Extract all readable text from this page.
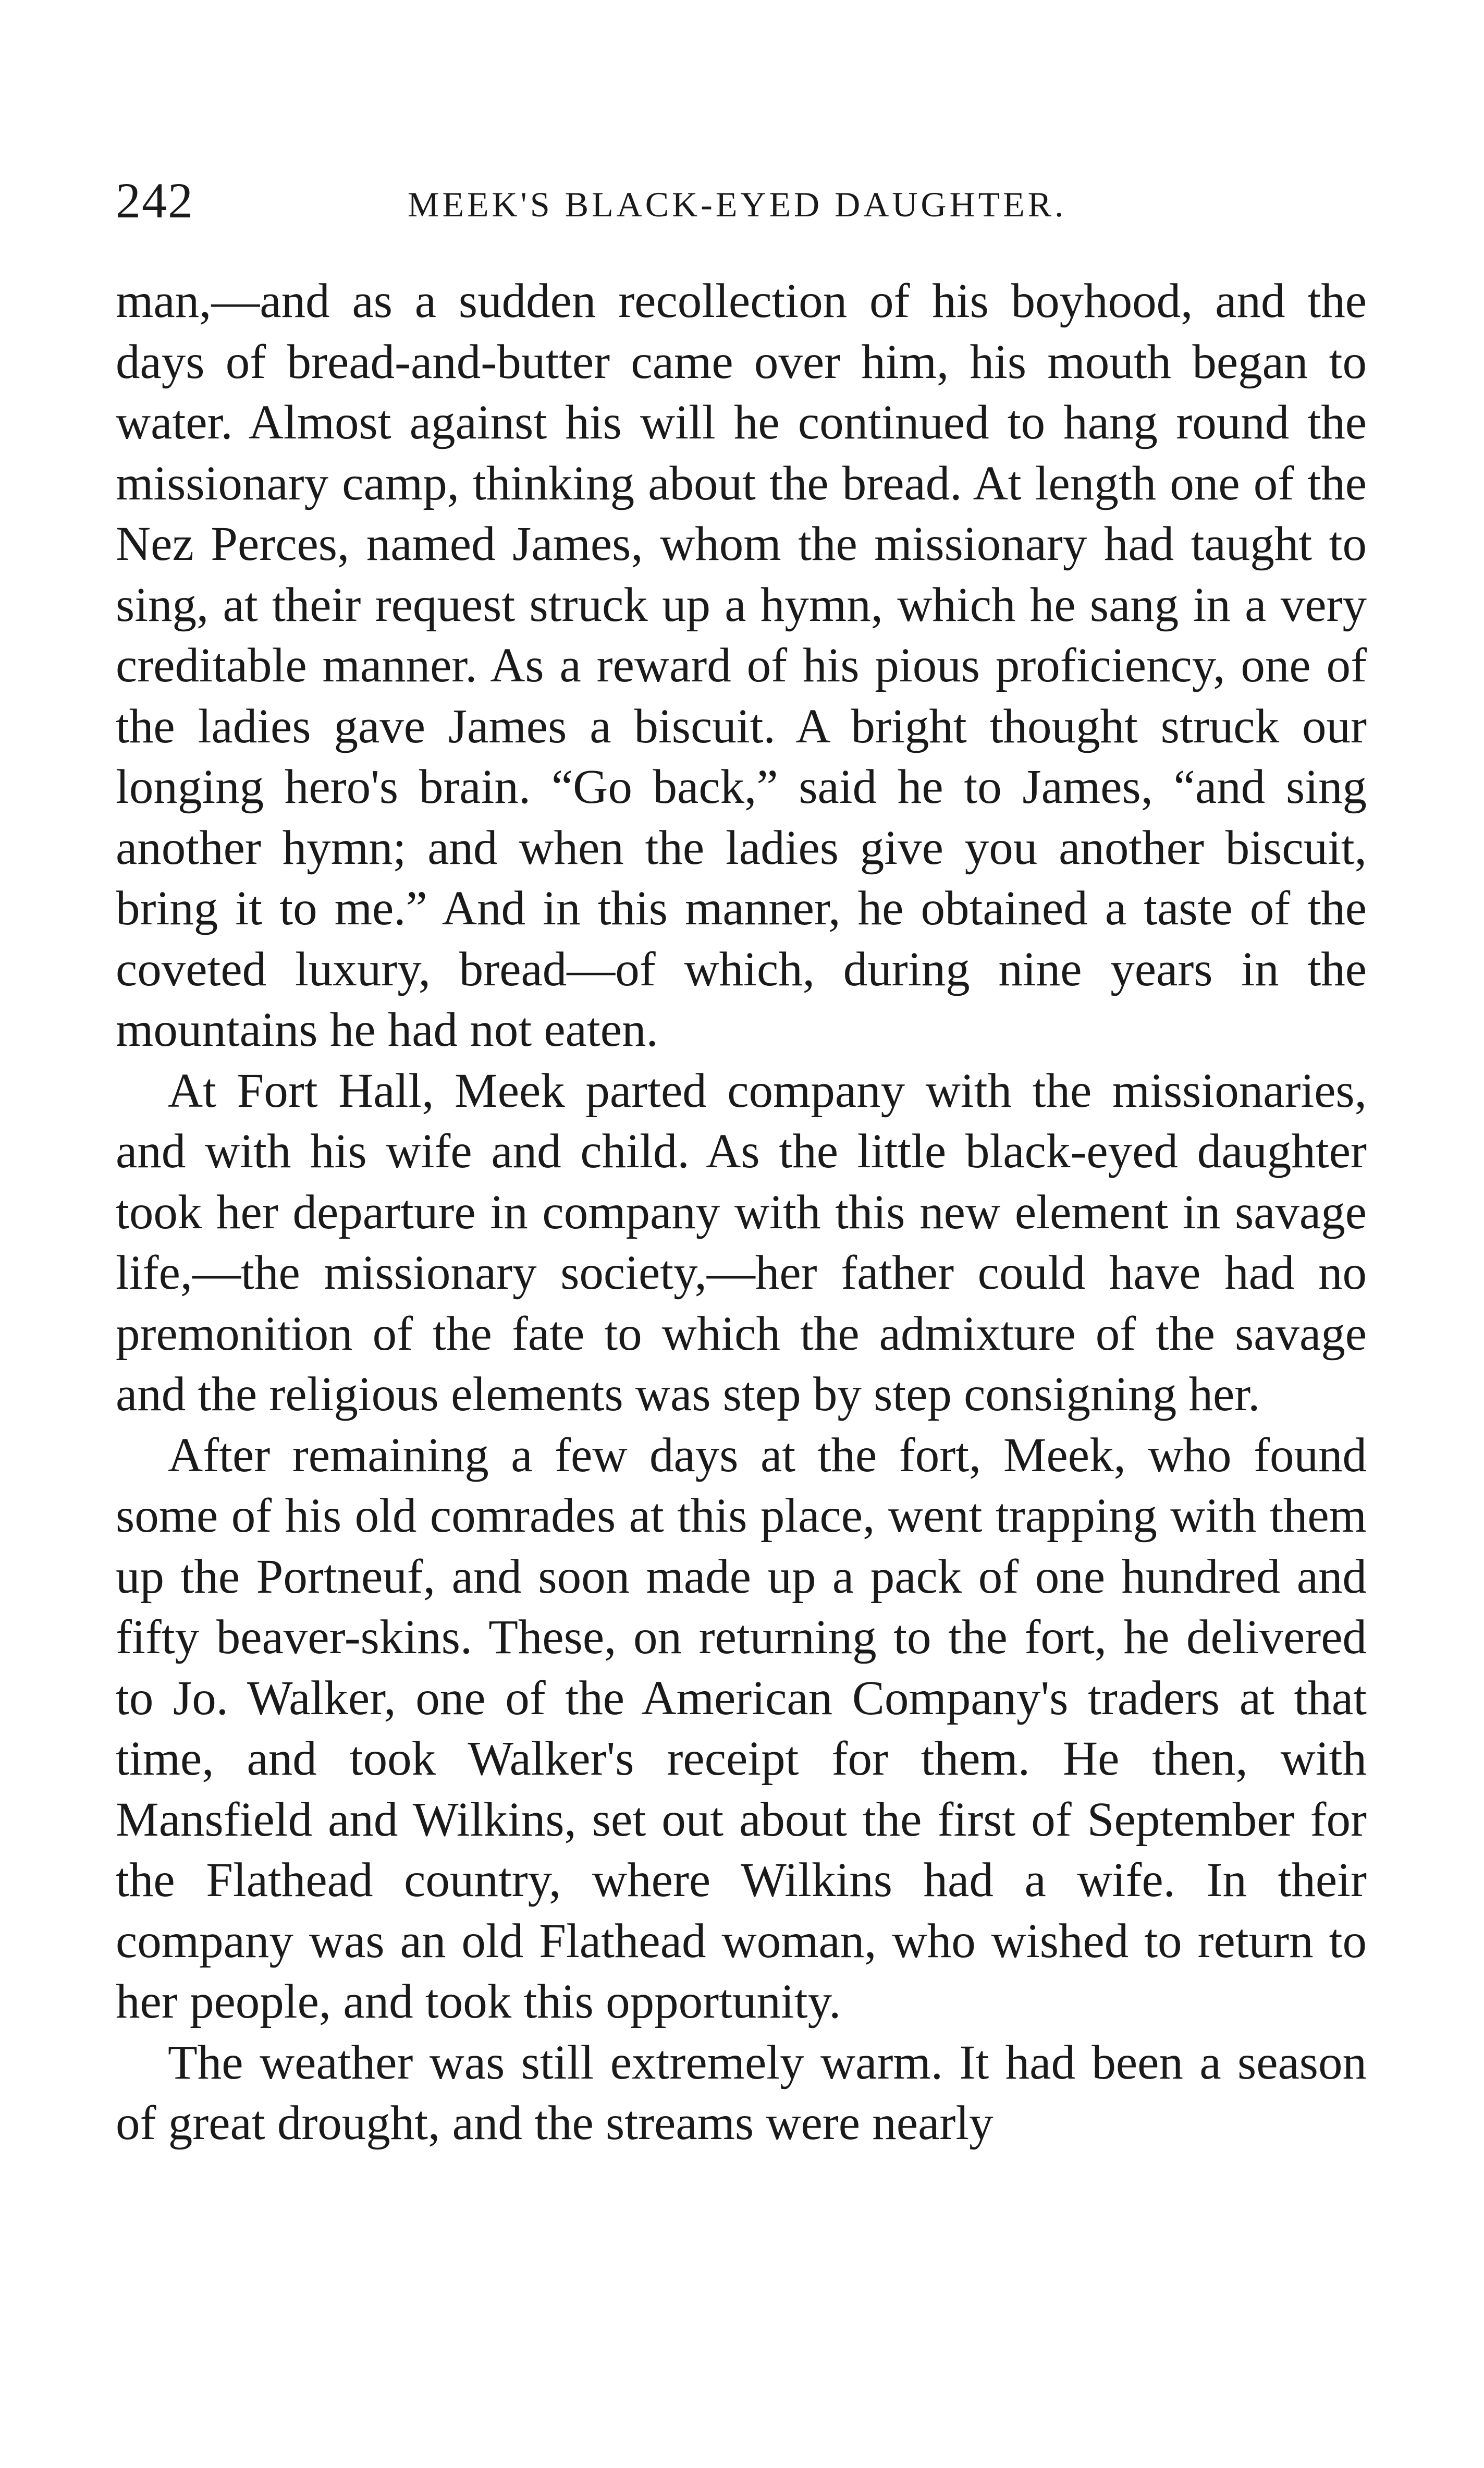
242	MEEK'S BLACK-EYED DAUGHTER.

man,—and as a sudden recollection of his boyhood, and the days of bread-and-butter came over him, his mouth began to water. Almost against his will he continued to hang round the missionary camp, thinking about the bread. At length one of the Nez Perces, named James, whom the missionary had taught to sing, at their request struck up a hymn, which he sang in a very creditable manner. As a reward of his pious proficiency, one of the ladies gave James a biscuit. A bright thought struck our longing hero's brain. “Go back,” said he to James, “and sing another hymn; and when the ladies give you another biscuit, bring it to me.” And in this manner, he obtained a taste of the coveted luxury, bread—of which, during nine years in the mountains he had not eaten.

At Fort Hall, Meek parted company with the missionaries, and with his wife and child. As the little black-eyed daughter took her departure in company with this new element in savage life,—the missionary society,—her father could have had no premonition of the fate to which the admixture of the savage and the religious elements was step by step consigning her.

After remaining a few days at the fort, Meek, who found some of his old comrades at this place, went trapping with them up the Portneuf, and soon made up a pack of one hundred and fifty beaver-skins. These, on returning to the fort, he delivered to Jo. Walker, one of the American Company's traders at that time, and took Walker's receipt for them. He then, with Mansfield and Wilkins, set out about the first of September for the Flathead country, where Wilkins had a wife. In their company was an old Flathead woman, who wished to return to her people, and took this opportunity.

The weather was still extremely warm. It had been a season of great drought, and the streams were nearly
